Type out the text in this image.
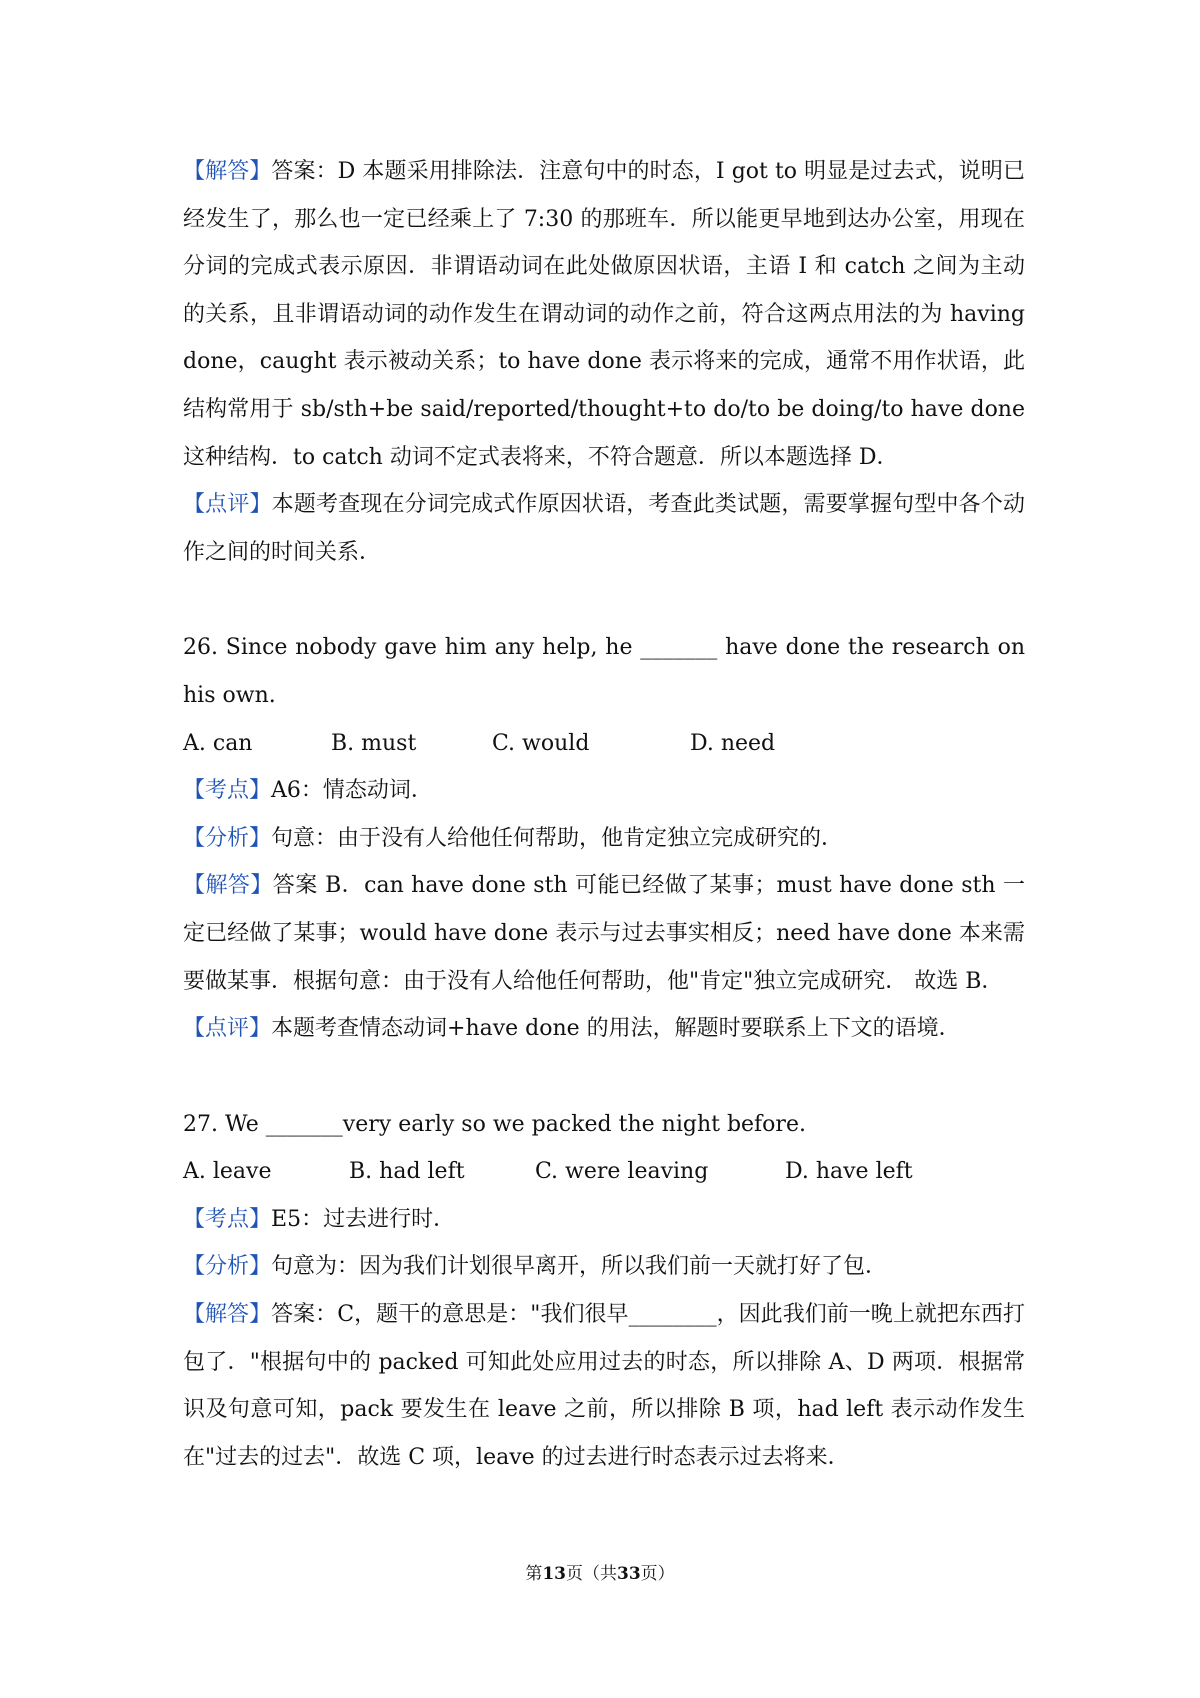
【解答】答案：D 本题采用排除法．注意句中的时态，I got to 明显是过去式，说明已经发生了，那么也一定已经乘上了 7:30 的那班车．所以能更早地到达办公室，用现在分词的完成式表示原因．非谓语动词在此处做原因状语，主语 I 和 catch 之间为主动的关系，且非谓语动词的动作发生在谓动词的动作之前，符合这两点用法的为 having done，caught 表示被动关系；to have done 表示将来的完成，通常不用作状语，此结构常用于 sb/sth+be said/reported/thought+to do/to be doing/to have done 这种结构．to catch 动词不定式表将来，不符合题意．所以本题选择 D．

【点评】本题考查现在分词完成式作原因状语，考查此类试题，需要掌握句型中各个动作之间的时间关系．

26. Since nobody gave him any help, he _______ have done the research on his own.

A. can	B. must	C. would	D. need

【考点】A6：情态动词．

【分析】句意：由于没有人给他任何帮助，他肯定独立完成研究的．

【解答】答案 B．can have done sth 可能已经做了某事；must have done sth 一定已经做了某事；would have done 表示与过去事实相反；need have done 本来需要做某事．根据句意：由于没有人给他任何帮助，他"肯定"独立完成研究． 故选 B．

【点评】本题考查情态动词+have done 的用法，解题时要联系上下文的语境．

27. We _______very early so we packed the night before.

A. leave	B. had left	C. were leaving	D. have left

【考点】E5：过去进行时．

【分析】句意为：因为我们计划很早离开，所以我们前一天就打好了包．

【解答】答案：C，题干的意思是："我们很早________，因此我们前一晚上就把东西打包了．"根据句中的 packed 可知此处应用过去的时态，所以排除 A、D 两项．根据常识及句意可知，pack 要发生在 leave 之前，所以排除 B 项，had left 表示动作发生在"过去的过去"．故选 C 项，leave 的过去进行时态表示过去将来．

第13页（共33页）
